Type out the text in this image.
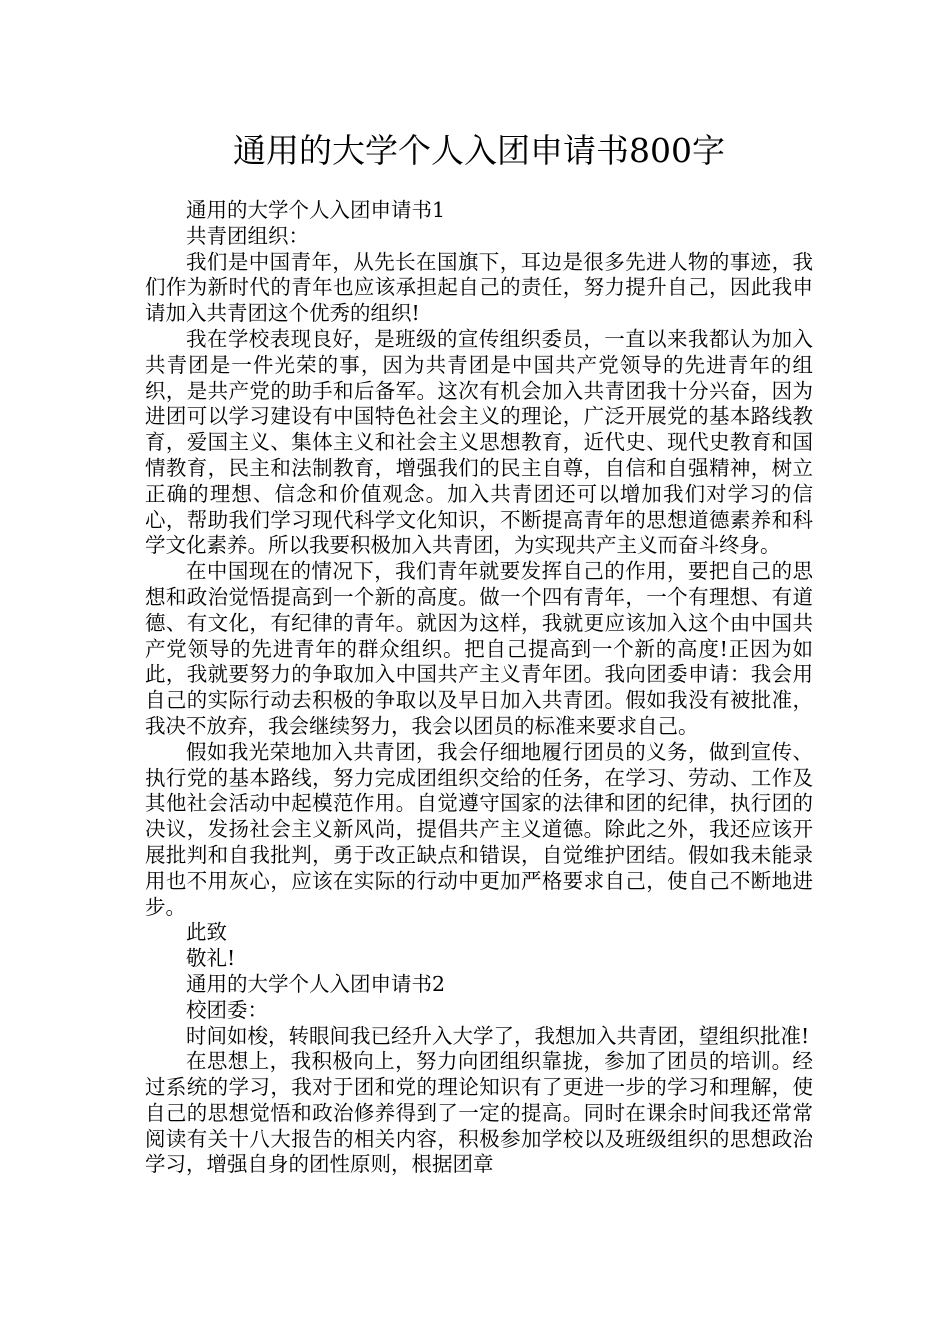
通用的大学个人入团申请书800字

通用的大学个人入团申请书1

共青团组织：

我们是中国青年，从先长在国旗下，耳边是很多先进人物的事迹，我们作为新时代的青年也应该承担起自己的责任，努力提升自己，因此我申请加入共青团这个优秀的组织!

我在学校表现良好，是班级的宣传组织委员，一直以来我都认为加入共青团是一件光荣的事，因为共青团是中国共产党领导的先进青年的组织，是共产党的助手和后备军。这次有机会加入共青团我十分兴奋，因为进团可以学习建设有中国特色社会主义的理论，广泛开展党的基本路线教育，爱国主义、集体主义和社会主义思想教育，近代史、现代史教育和国情教育，民主和法制教育，增强我们的民主自尊，自信和自强精神，树立正确的理想、信念和价值观念。加入共青团还可以增加我们对学习的信心，帮助我们学习现代科学文化知识，不断提高青年的思想道德素养和科学文化素养。所以我要积极加入共青团，为实现共产主义而奋斗终身。

在中国现在的情况下，我们青年就要发挥自己的作用，要把自己的思想和政治觉悟提高到一个新的高度。做一个四有青年，一个有理想、有道德、有文化，有纪律的青年。就因为这样，我就更应该加入这个由中国共产党领导的先进青年的群众组织。把自己提高到一个新的高度!正因为如此，我就要努力的争取加入中国共产主义青年团。我向团委申请：我会用自己的实际行动去积极的争取以及早日加入共青团。假如我没有被批准，我决不放弃，我会继续努力，我会以团员的标准来要求自己。

假如我光荣地加入共青团，我会仔细地履行团员的义务，做到宣传、执行党的基本路线，努力完成团组织交给的任务，在学习、劳动、工作及其他社会活动中起模范作用。自觉遵守国家的法律和团的纪律，执行团的决议，发扬社会主义新风尚，提倡共产主义道德。除此之外，我还应该开展批判和自我批判，勇于改正缺点和错误，自觉维护团结。假如我未能录用也不用灰心，应该在实际的行动中更加严格要求自己，使自己不断地进步。

此致

敬礼!

通用的大学个人入团申请书2

校团委：

时间如梭，转眼间我已经升入大学了，我想加入共青团，望组织批准!

在思想上，我积极向上，努力向团组织靠拢，参加了团员的培训。经过系统的学习，我对于团和党的理论知识有了更进一步的学习和理解，使自己的思想觉悟和政治修养得到了一定的提高。同时在课余时间我还常常阅读有关十八大报告的相关内容，积极参加学校以及班级组织的思想政治学习，增强自身的团性原则，根据团章
